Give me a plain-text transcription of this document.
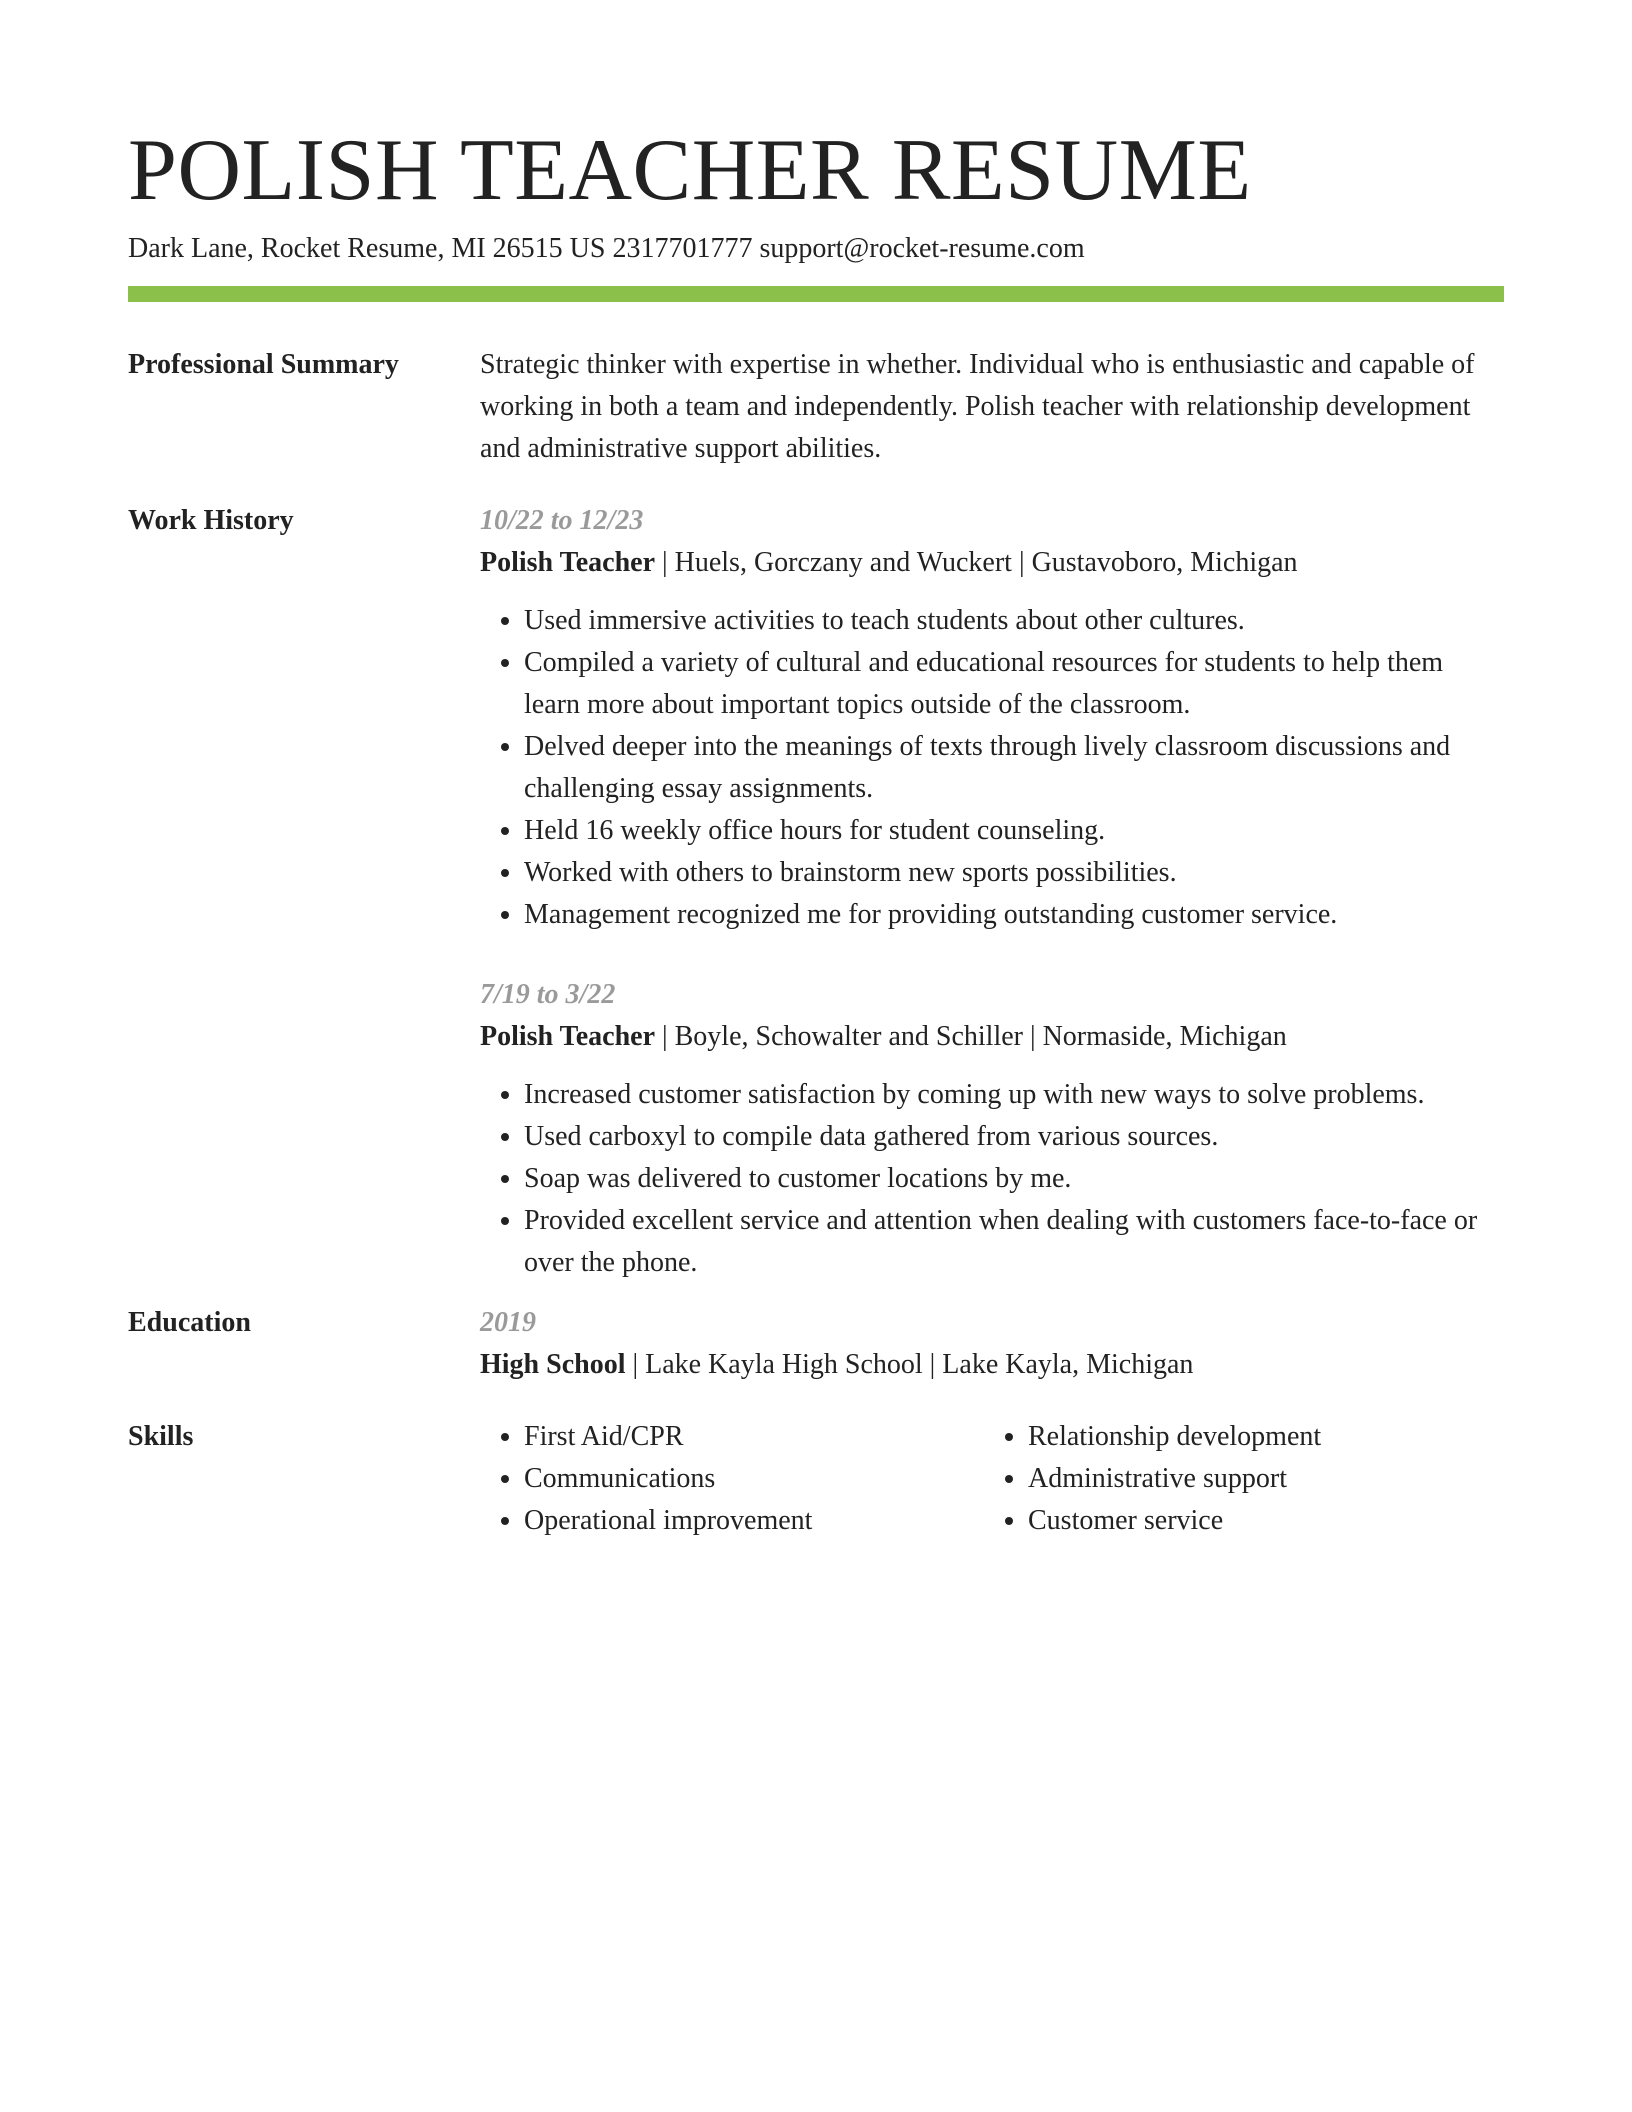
POLISH TEACHER RESUME
Dark Lane, Rocket Resume, MI 26515 US 2317701777 support@rocket-resume.com
Professional Summary	Strategic thinker with expertise in whether. Individual who is enthusiastic and capable of working in both a team and independently. Polish teacher with relationship development and administrative support abilities.

Work History	10/22 to 12/23
Polish Teacher | Huels, Gorczany and Wuckert | Gustavoboro, Michigan
• Used immersive activities to teach students about other cultures.
• Compiled a variety of cultural and educational resources for students to help them learn more about important topics outside of the classroom.
• Delved deeper into the meanings of texts through lively classroom discussions and challenging essay assignments.
• Held 16 weekly office hours for student counseling.
• Worked with others to brainstorm new sports possibilities.
• Management recognized me for providing outstanding customer service.
7/19 to 3/22
Polish Teacher | Boyle, Schowalter and Schiller | Normaside, Michigan
• Increased customer satisfaction by coming up with new ways to solve problems.
• Used carboxyl to compile data gathered from various sources.
• Soap was delivered to customer locations by me.
• Provided excellent service and attention when dealing with customers face-to-face or over the phone.
Education	2019
High School | Lake Kayla High School | Lake Kayla, Michigan
Skills
•	First Aid/CPR
• Communications
• Operational improvement
• Relationship development
• Administrative support
• Customer service
